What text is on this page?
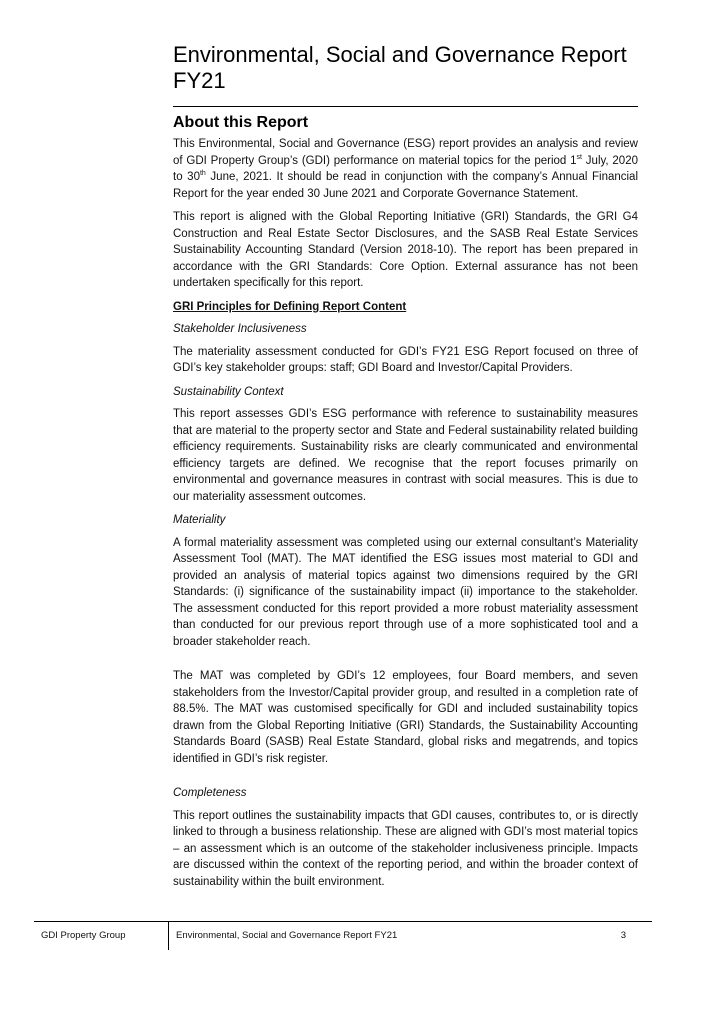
Environmental, Social and Governance Report
FY21
About this Report

This Environmental, Social and Governance (ESG) report provides an analysis and review of GDI Property Group’s (GDI) performance on material topics for the period 1st July, 2020 to 30th June, 2021. It should be read in conjunction with the company’s Annual Financial Report for the year ended 30 June 2021 and Corporate Governance Statement.

This report is aligned with the Global Reporting Initiative (GRI) Standards, the GRI G4 Construction and Real Estate Sector Disclosures, and the SASB Real Estate Services Sustainability Accounting Standard (Version 2018-10). The report has been prepared in accordance with the GRI Standards: Core Option. External assurance has not been undertaken specifically for this report.

GRI Principles for Defining Report Content

Stakeholder Inclusiveness

The materiality assessment conducted for GDI’s FY21 ESG Report focused on three of GDI’s key stakeholder groups: staff; GDI Board and Investor/Capital Providers.

Sustainability Context

This report assesses GDI’s ESG performance with reference to sustainability measures that are material to the property sector and State and Federal sustainability related building efficiency requirements. Sustainability risks are clearly communicated and environmental efficiency targets are defined. We recognise that the report focuses primarily on environmental and governance measures in contrast with social measures. This is due to our materiality assessment outcomes.

Materiality

A formal materiality assessment was completed using our external consultant’s Materiality Assessment Tool (MAT). The MAT identified the ESG issues most material to GDI and provided an analysis of material topics against two dimensions required by the GRI Standards: (i) significance of the sustainability impact (ii) importance to the stakeholder. The assessment conducted for this report provided a more robust materiality assessment than conducted for our previous report through use of a more sophisticated tool and a broader stakeholder reach.

The MAT was completed by GDI’s 12 employees, four Board members, and seven stakeholders from the Investor/Capital provider group, and resulted in a completion rate of 88.5%. The MAT was customised specifically for GDI and included sustainability topics drawn from the Global Reporting Initiative (GRI) Standards, the Sustainability Accounting Standards Board (SASB) Real Estate Standard, global risks and megatrends, and topics identified in GDI’s risk register.

Completeness

This report outlines the sustainability impacts that GDI causes, contributes to, or is directly linked to through a business relationship. These are aligned with GDI’s most material topics – an assessment which is an outcome of the stakeholder inclusiveness principle. Impacts are discussed within the context of the reporting period, and within the broader context of sustainability within the built environment.

GDI Property Group	Environmental, Social and Governance Report FY21	3
